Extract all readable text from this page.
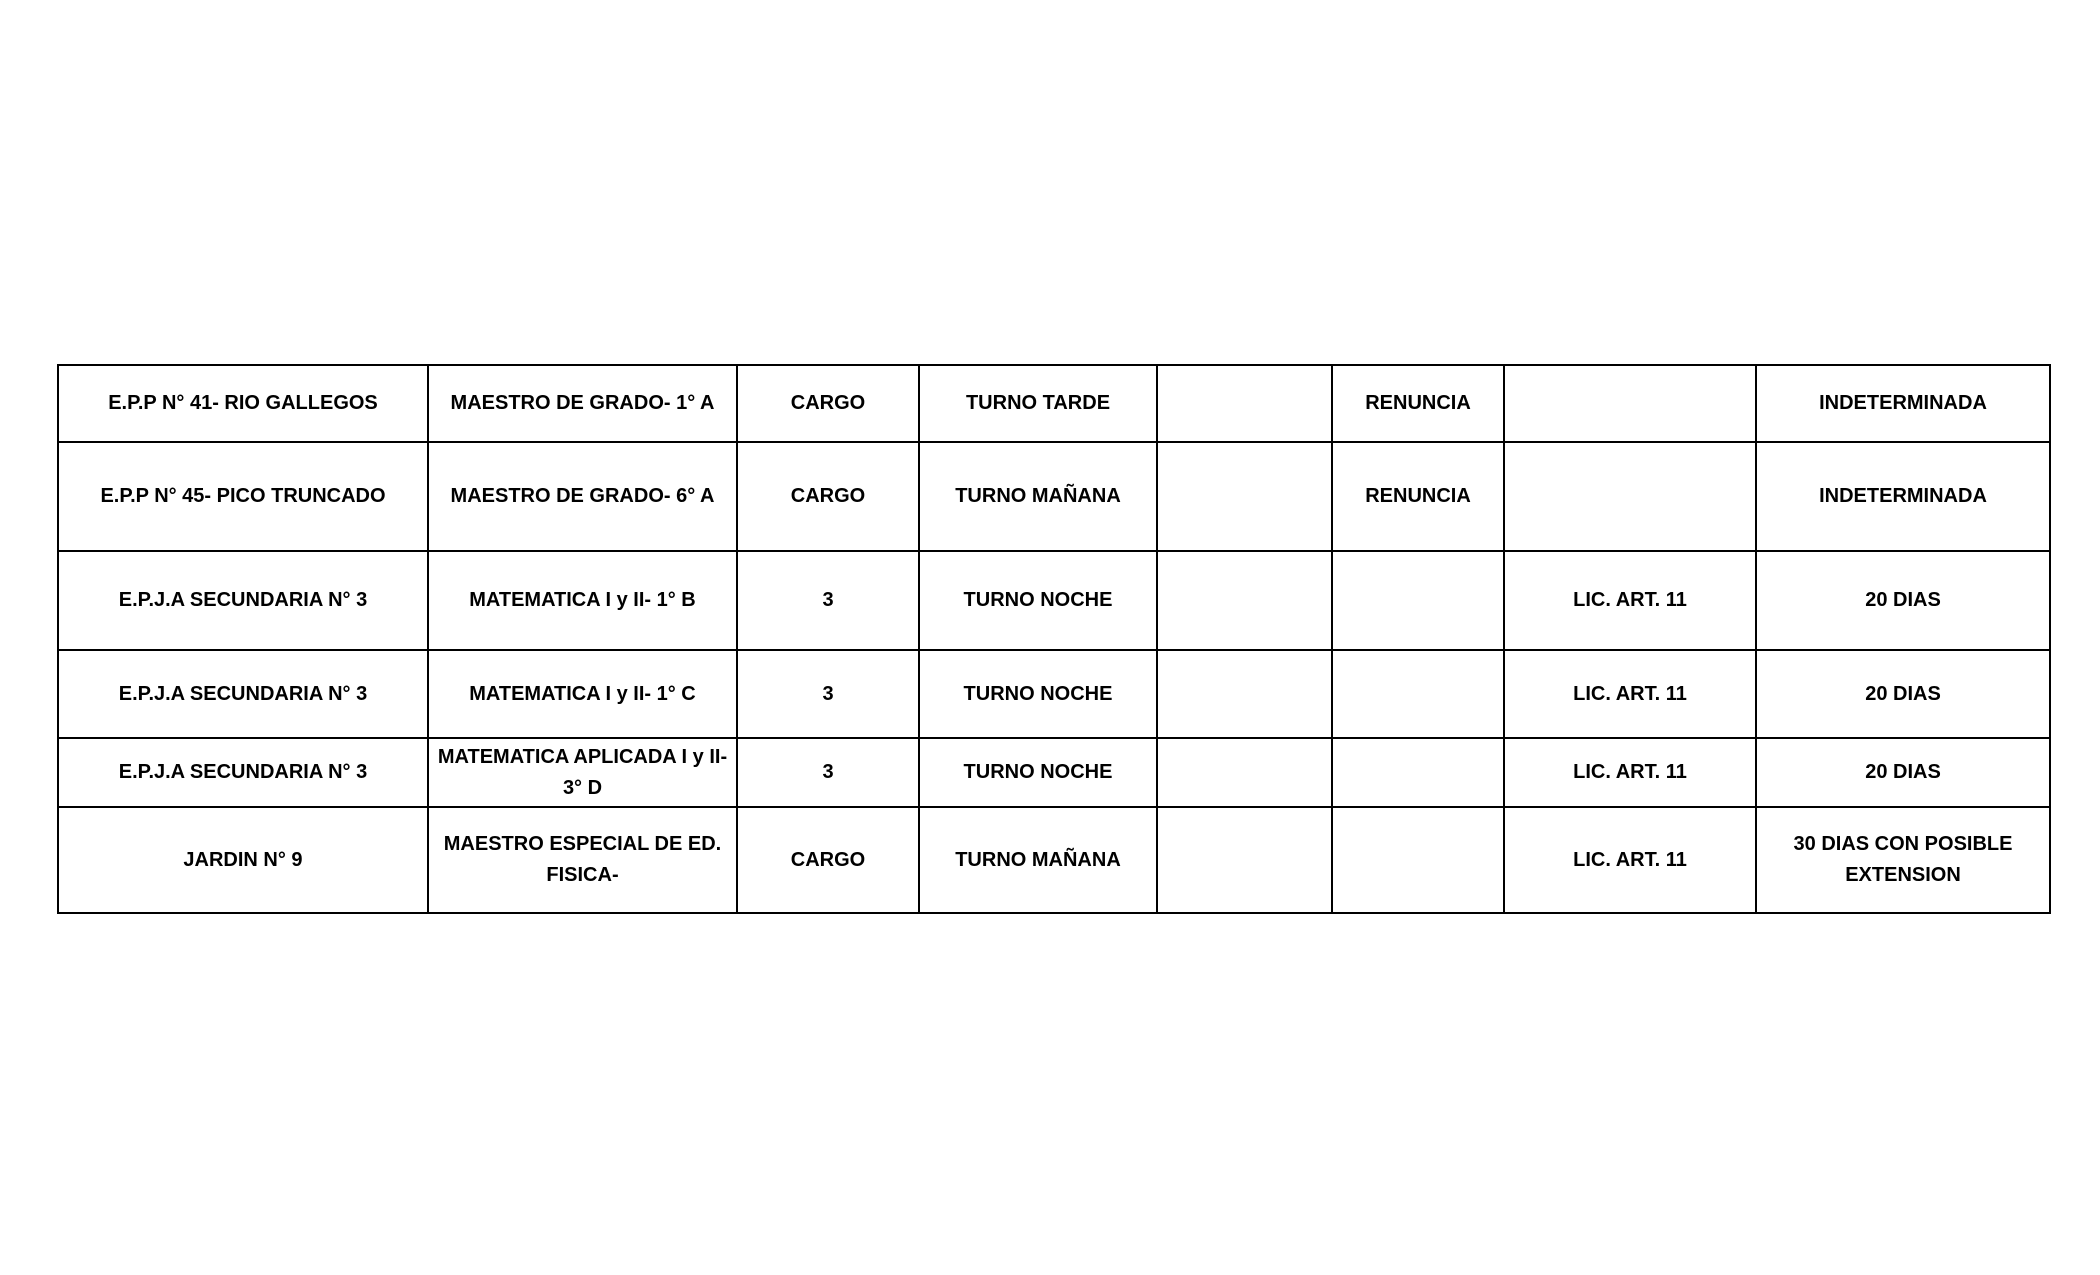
E.P.P N° 41- RIO GALLEGOS	MAESTRO DE GRADO- 1° A	CARGO	TURNO TARDE		RENUNCIA		INDETERMINADA
E.P.P N° 45- PICO TRUNCADO	MAESTRO DE GRADO- 6° A	CARGO	TURNO MAÑANA		RENUNCIA		INDETERMINADA
E.P.J.A SECUNDARIA N° 3	MATEMATICA I y II- 1° B	3	TURNO NOCHE			LIC. ART. 11	20 DIAS
E.P.J.A SECUNDARIA N° 3	MATEMATICA I y II- 1° C	3	TURNO NOCHE			LIC. ART. 11	20 DIAS
E.P.J.A SECUNDARIA N° 3	MATEMATICA APLICADA I y II- 3° D	3	TURNO NOCHE			LIC. ART. 11	20 DIAS
JARDIN N° 9	MAESTRO ESPECIAL DE ED. FISICA-	CARGO	TURNO MAÑANA			LIC. ART. 11	30 DIAS CON POSIBLE EXTENSION
